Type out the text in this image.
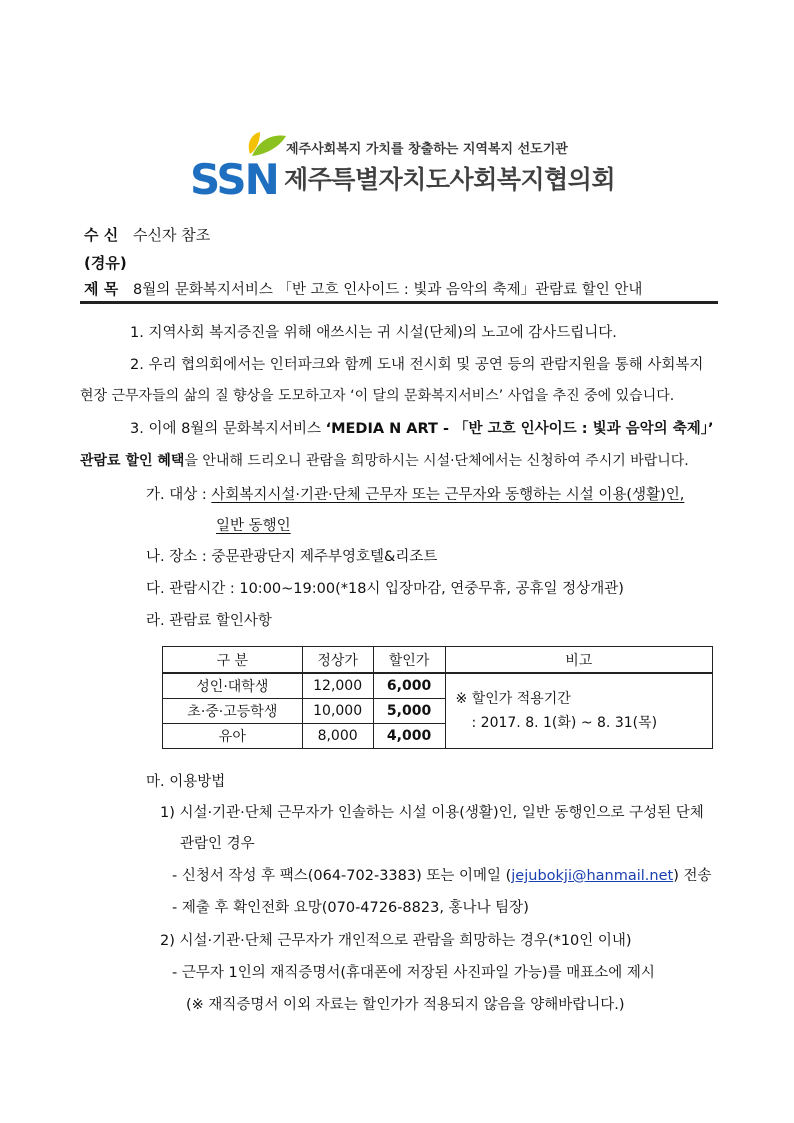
SSN
제주사회복지 가치를 창출하는 지역복지 선도기관
제주특별자치도사회복지협의회
수 신 수신자 참조
(경유)
제 목 8월의 문화복지서비스 「반 고흐 인사이드 : 빛과 음악의 축제」관람료 할인 안내
1. 지역사회 복지증진을 위해 애쓰시는 귀 시설(단체)의 노고에 감사드립니다.
2. 우리 협의회에서는 인터파크와 함께 도내 전시회 및 공연 등의 관람지원을 통해 사회복지
현장 근무자들의 삶의 질 향상을 도모하고자 ‘이 달의 문화복지서비스’ 사업을 추진 중에 있습니다.
3. 이에 8월의 문화복지서비스 ‘MEDIA N ART - 「반 고흐 인사이드 : 빛과 음악의 축제」’
관람료 할인 혜택을 안내해 드리오니 관람을 희망하시는 시설·단체에서는 신청하여 주시기 바랍니다.
가. 대상 : 사회복지시설·기관·단체 근무자 또는 근무자와 동행하는 시설 이용(생활)인,
일반 동행인
나. 장소 : 중문관광단지 제주부영호텔&리조트
다. 관람시간 : 10:00~19:00(*18시 입장마감, 연중무휴, 공휴일 정상개관)
라. 관람료 할인사항
구 분	정상가	할인가	비고
성인·대학생	12,000	6,000	※ 할인가 적용기간
: 2017. 8. 1(화) ~ 8. 31(목)

초·중·고등학생	10,000	5,000	
유아	8,000	4,000	
마. 이용방법
1) 시설·기관·단체 근무자가 인솔하는 시설 이용(생활)인, 일반 동행인으로 구성된 단체
관람인 경우
- 신청서 작성 후 팩스(064-702-3383) 또는 이메일 (jejubokji@hanmail.net) 전송
- 제출 후 확인전화 요망(070-4726-8823, 홍나나 팀장)
2) 시설·기관·단체 근무자가 개인적으로 관람을 희망하는 경우(*10인 이내)
- 근무자 1인의 재직증명서(휴대폰에 저장된 사진파일 가능)를 매표소에 제시
(※ 재직증명서 이외 자료는 할인가가 적용되지 않음을 양해바랍니다.)
